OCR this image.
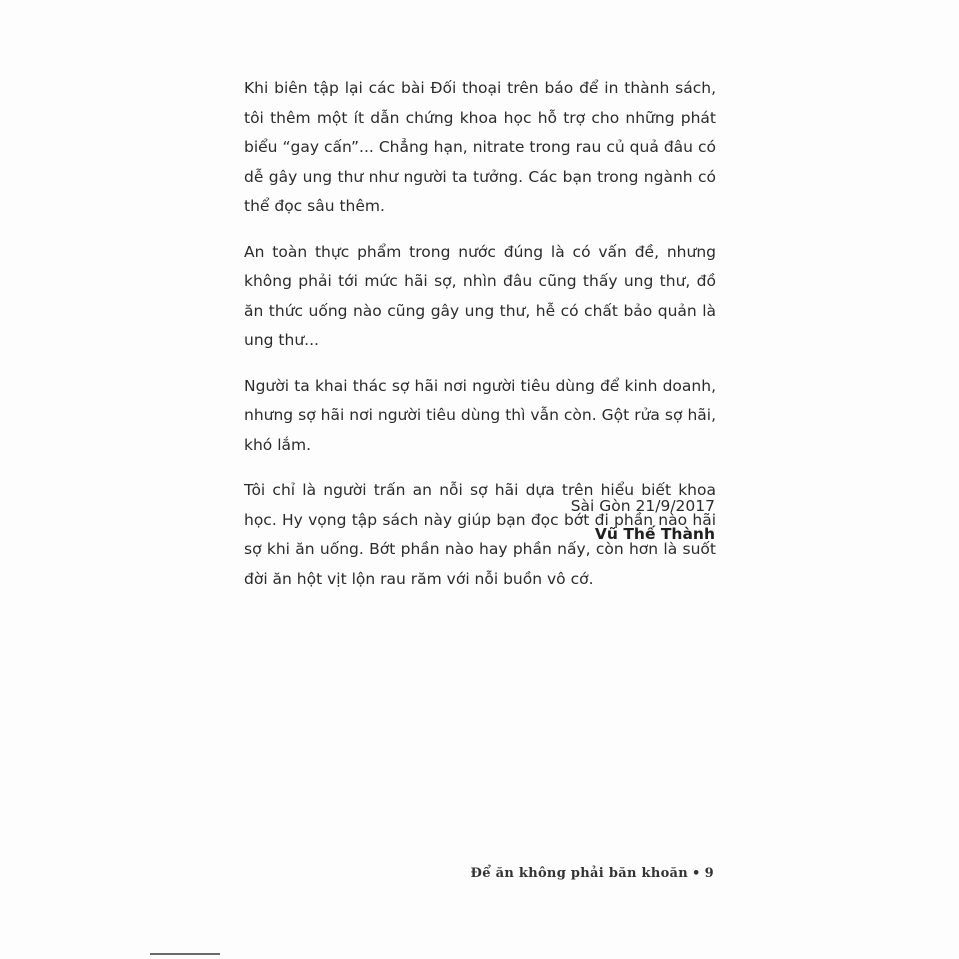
Khi biên tập lại các bài Đối thoại trên báo để in thành sách, tôi thêm một ít dẫn chứng khoa học hỗ trợ cho những phát biểu “gay cấn”... Chẳng hạn, nitrate trong rau củ quả đâu có dễ gây ung thư như người ta tưởng. Các bạn trong ngành có thể đọc sâu thêm.

An toàn thực phẩm trong nước đúng là có vấn đề, nhưng không phải tới mức hãi sợ, nhìn đâu cũng thấy ung thư, đồ ăn thức uống nào cũng gây ung thư, hễ có chất bảo quản là ung thư...

Người ta khai thác sợ hãi nơi người tiêu dùng để kinh doanh, nhưng sợ hãi nơi người tiêu dùng thì vẫn còn. Gột rửa sợ hãi, khó lắm.

Tôi chỉ là người trấn an nỗi sợ hãi dựa trên hiểu biết khoa học. Hy vọng tập sách này giúp bạn đọc bớt đi phần nào hãi sợ khi ăn uống. Bớt phần nào hay phần nấy, còn hơn là suốt đời ăn hột vịt lộn rau răm với nỗi buồn vô cớ.

Sài Gòn 21/9/2017
Vũ Thế Thành
Để ăn không phải băn khoăn • 9
